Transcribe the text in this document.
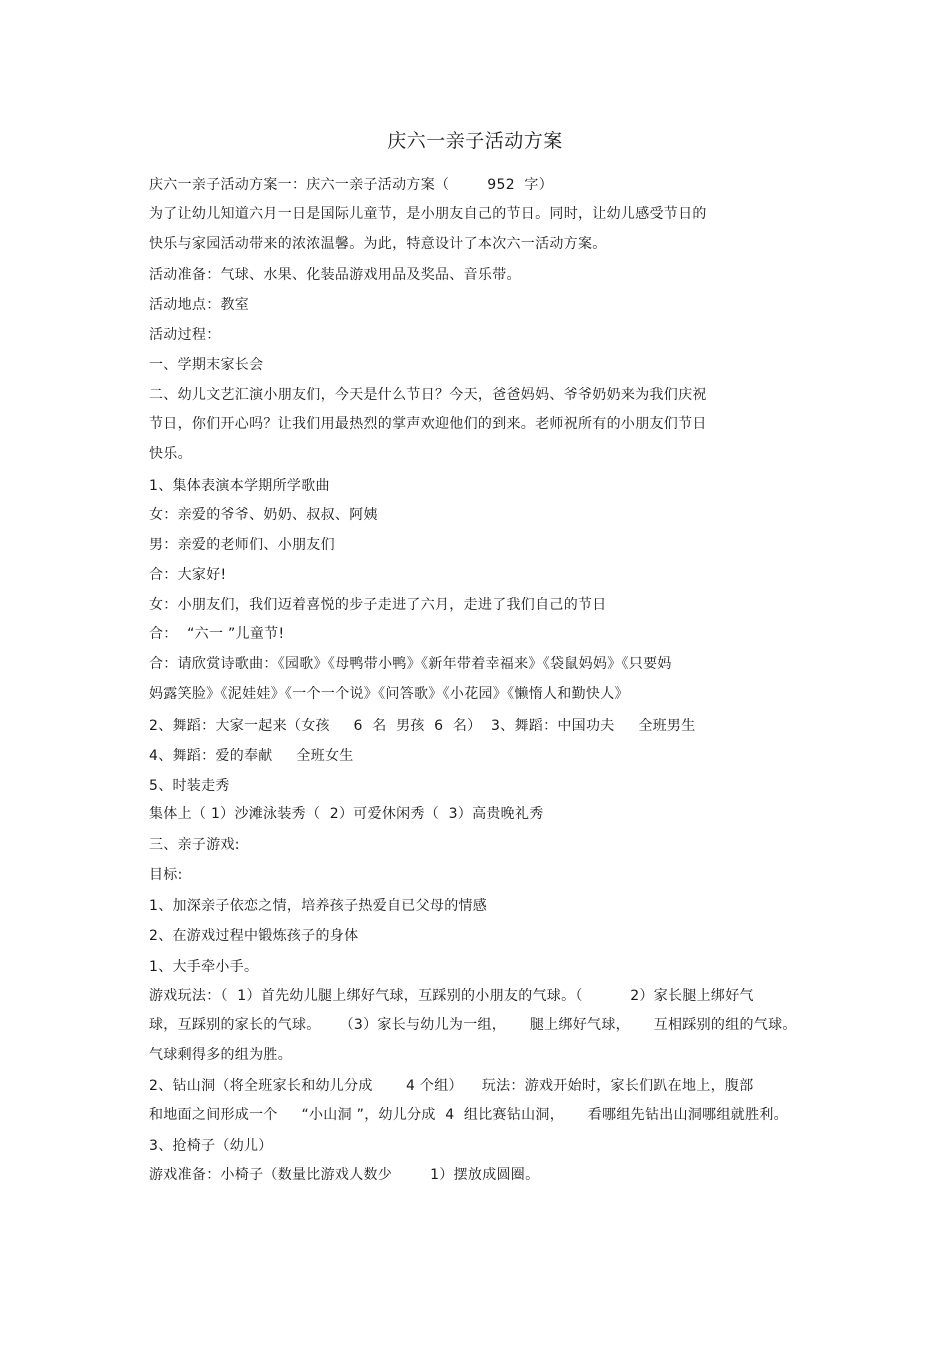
庆六一亲子活动方案
庆六一亲子活动方案一：庆六一亲子活动方案（        952  字）
为了让幼儿知道六月一日是国际儿童节，是小朋友自己的节日。同时，让幼儿感受节日的
快乐与家园活动带来的浓浓温馨。为此，特意设计了本次六一活动方案。
活动准备：气球、水果、化装品游戏用品及奖品、音乐带。
活动地点：教室
活动过程：
一、学期末家长会
二、幼儿文艺汇演小朋友们，今天是什么节日？今天，爸爸妈妈、爷爷奶奶来为我们庆祝
节日，你们开心吗？让我们用最热烈的掌声欢迎他们的到来。老师祝所有的小朋友们节日
快乐。
1、集体表演本学期所学歌曲
女：亲爱的爷爷、奶奶、叔叔、阿姨
男：亲爱的老师们、小朋友们
合：大家好!
女：小朋友们，我们迈着喜悦的步子走进了六月，走进了我们自己的节日
合：  “六一 ”儿童节!
合：请欣赏诗歌曲：《园歌》《母鸭带小鸭》《新年带着幸福来》《袋鼠妈妈》《只要妈
妈露笑脸》《泥娃娃》《一个一个说》《问答歌》《小花园》《懒惰人和勤快人》
2、舞蹈：大家一起来（女孩     6  名  男孩  6  名）  3、舞蹈：中国功夫     全班男生
4、舞蹈：爱的奉献     全班女生
5、时装走秀
集体上（ 1）沙滩泳装秀（  2）可爱休闲秀（  3）高贵晚礼秀
三、亲子游戏:
目标:
1、加深亲子依恋之情，培养孩子热爱自已父母的情感
2、在游戏过程中锻炼孩子的身体
1、大手牵小手。
游戏玩法：（  1）首先幼儿腿上绑好气球，互踩别的小朋友的气球。（          2）家长腿上绑好气
球，互踩别的家长的气球。    （3）家长与幼儿为一组，     腿上绑好气球，     互相踩别的组的气球。
气球剩得多的组为胜。
2、钻山洞（将全班家长和幼儿分成       4 个组）    玩法：游戏开始时，家长们趴在地上，腹部
和地面之间形成一个     “小山洞 ”，幼儿分成  4  组比赛钻山洞，     看哪组先钻出山洞哪组就胜利。
3、抢椅子（幼儿）
游戏准备：小椅子（数量比游戏人数少        1）摆放成圆圈。
